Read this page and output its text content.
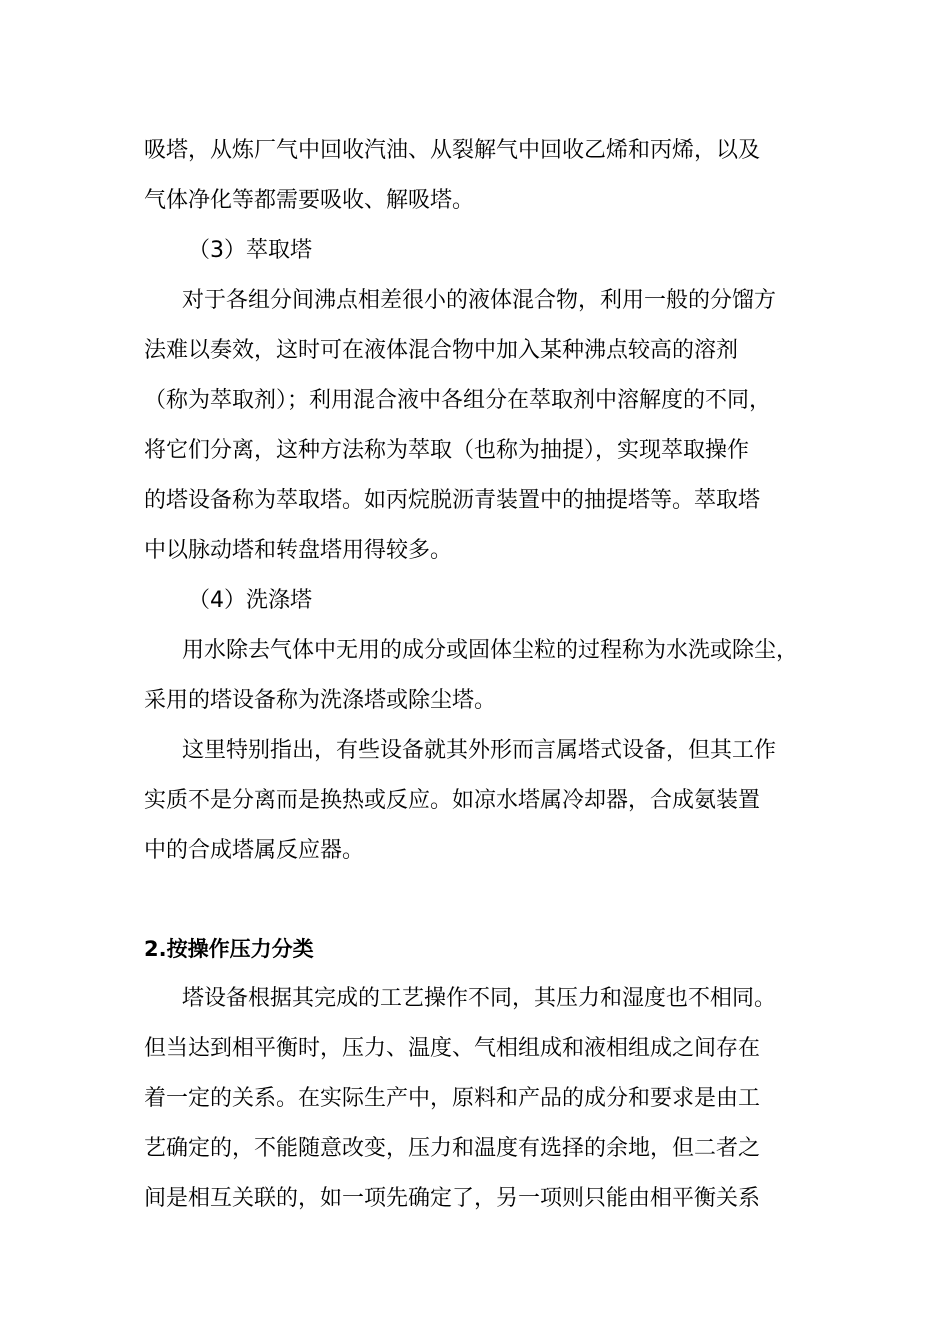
吸塔，从炼厂气中回收汽油、从裂解气中回收乙烯和丙烯，以及
气体净化等都需要吸收、解吸塔。
（3）萃取塔
对于各组分间沸点相差很小的液体混合物，利用一般的分馏方
法难以奏效，这时可在液体混合物中加入某种沸点较高的溶剂
（称为萃取剂）；利用混合液中各组分在萃取剂中溶解度的不同，
将它们分离，这种方法称为萃取（也称为抽提），实现萃取操作
的塔设备称为萃取塔。如丙烷脱沥青装置中的抽提塔等。萃取塔
中以脉动塔和转盘塔用得较多。
（4）洗涤塔
用水除去气体中无用的成分或固体尘粒的过程称为水洗或除尘，
采用的塔设备称为洗涤塔或除尘塔。
这里特别指出，有些设备就其外形而言属塔式设备，但其工作
实质不是分离而是换热或反应。如凉水塔属冷却器，合成氨装置
中的合成塔属反应器。
2.按操作压力分类
塔设备根据其完成的工艺操作不同，其压力和湿度也不相同。
但当达到相平衡时，压力、温度、气相组成和液相组成之间存在
着一定的关系。在实际生产中，原料和产品的成分和要求是由工
艺确定的，不能随意改变，压力和温度有选择的余地，但二者之
间是相互关联的，如一项先确定了，另一项则只能由相平衡关系
